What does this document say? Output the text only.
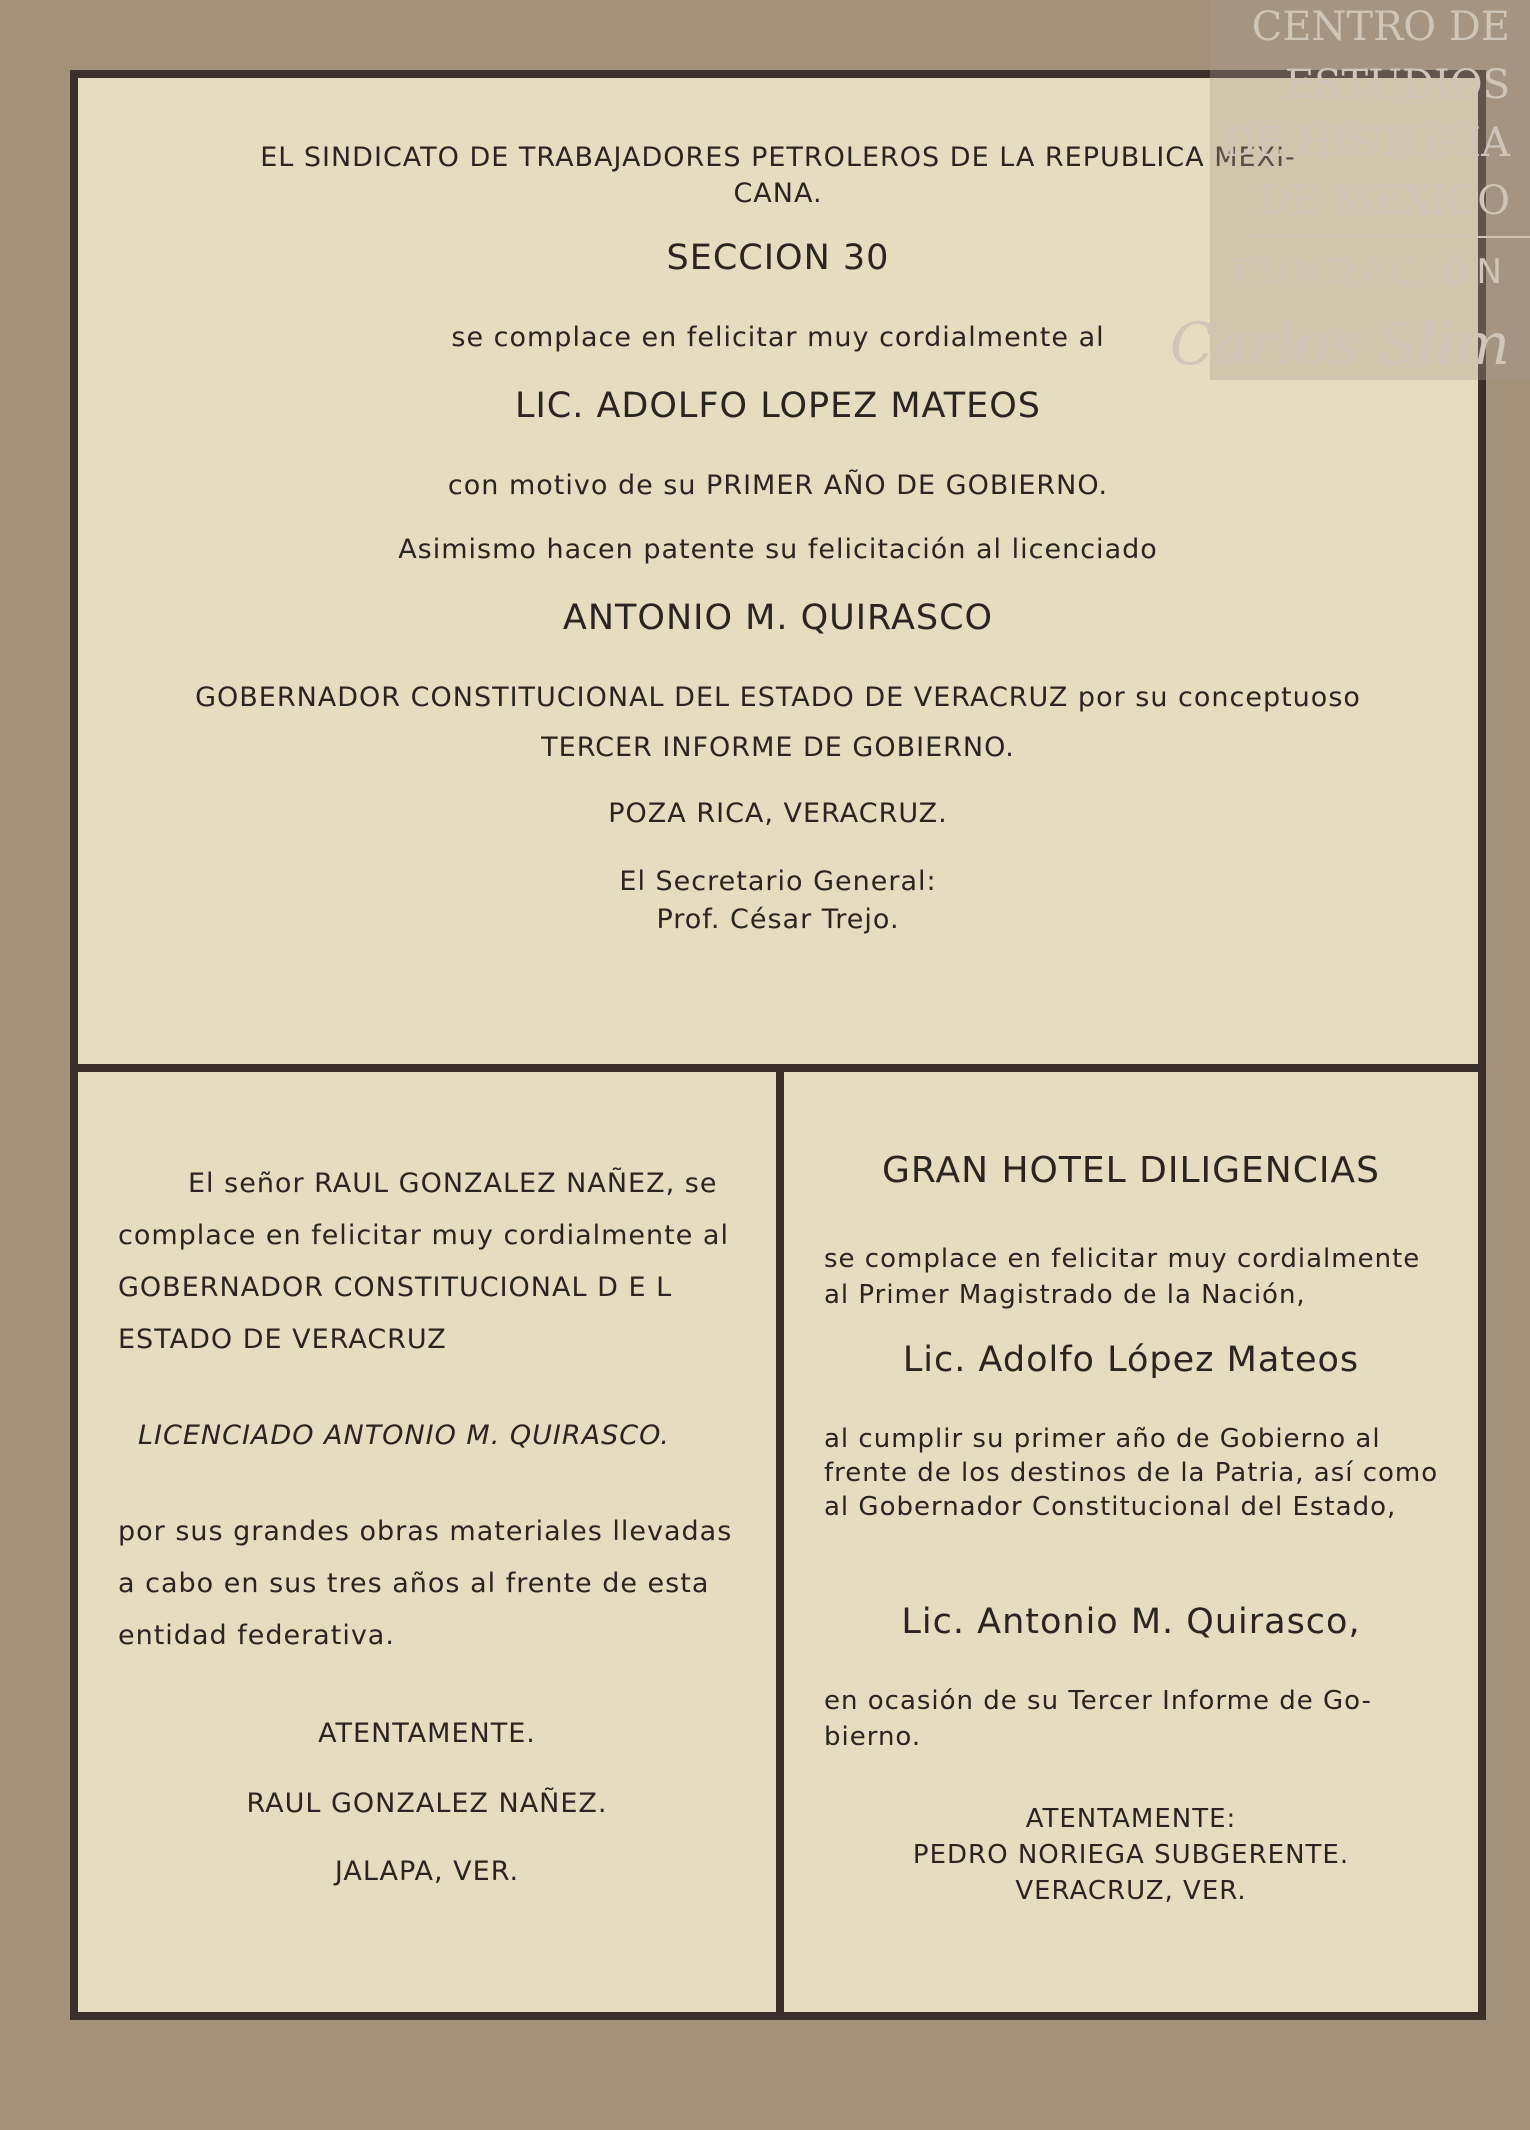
EL SINDICATO DE TRABAJADORES PETROLEROS DE LA REPUBLICA MEXI-
CANA.
SECCION 30
se complace en felicitar muy cordialmente al
LIC. ADOLFO LOPEZ MATEOS
con motivo de su PRIMER AÑO DE GOBIERNO.
Asimismo hacen patente su felicitación al licenciado
ANTONIO M. QUIRASCO
GOBERNADOR CONSTITUCIONAL DEL ESTADO DE VERACRUZ por su conceptuoso
TERCER INFORME DE GOBIERNO.
POZA RICA, VERACRUZ.
El Secretario General:
Prof. César Trejo.
El señor RAUL GONZALEZ NAÑEZ, se
complace en felicitar muy cordialmente al
GOBERNADOR CONSTITUCIONAL D E L
ESTADO DE VERACRUZ
LICENCIADO ANTONIO M. QUIRASCO.
por sus grandes obras materiales llevadas
a cabo en sus tres años al frente de esta
entidad federativa.
ATENTAMENTE.
RAUL GONZALEZ NAÑEZ.
JALAPA, VER.
GRAN HOTEL DILIGENCIAS
se complace en felicitar muy cordialmente
al Primer Magistrado de la Nación,
Lic. Adolfo López Mateos
al cumplir su primer año de Gobierno al
frente de los destinos de la Patria, así como
al Gobernador Constitucional del Estado,
Lic. Antonio M. Quirasco,
en ocasión de su Tercer Informe de Go-
bierno.
ATENTAMENTE:
PEDRO NORIEGA SUBGERENTE.
VERACRUZ, VER.
CENTRO DE
ESTUDIOS
DE HISTORIA
DE MEXICO
FUNDACIÓN
Carlos Slim
